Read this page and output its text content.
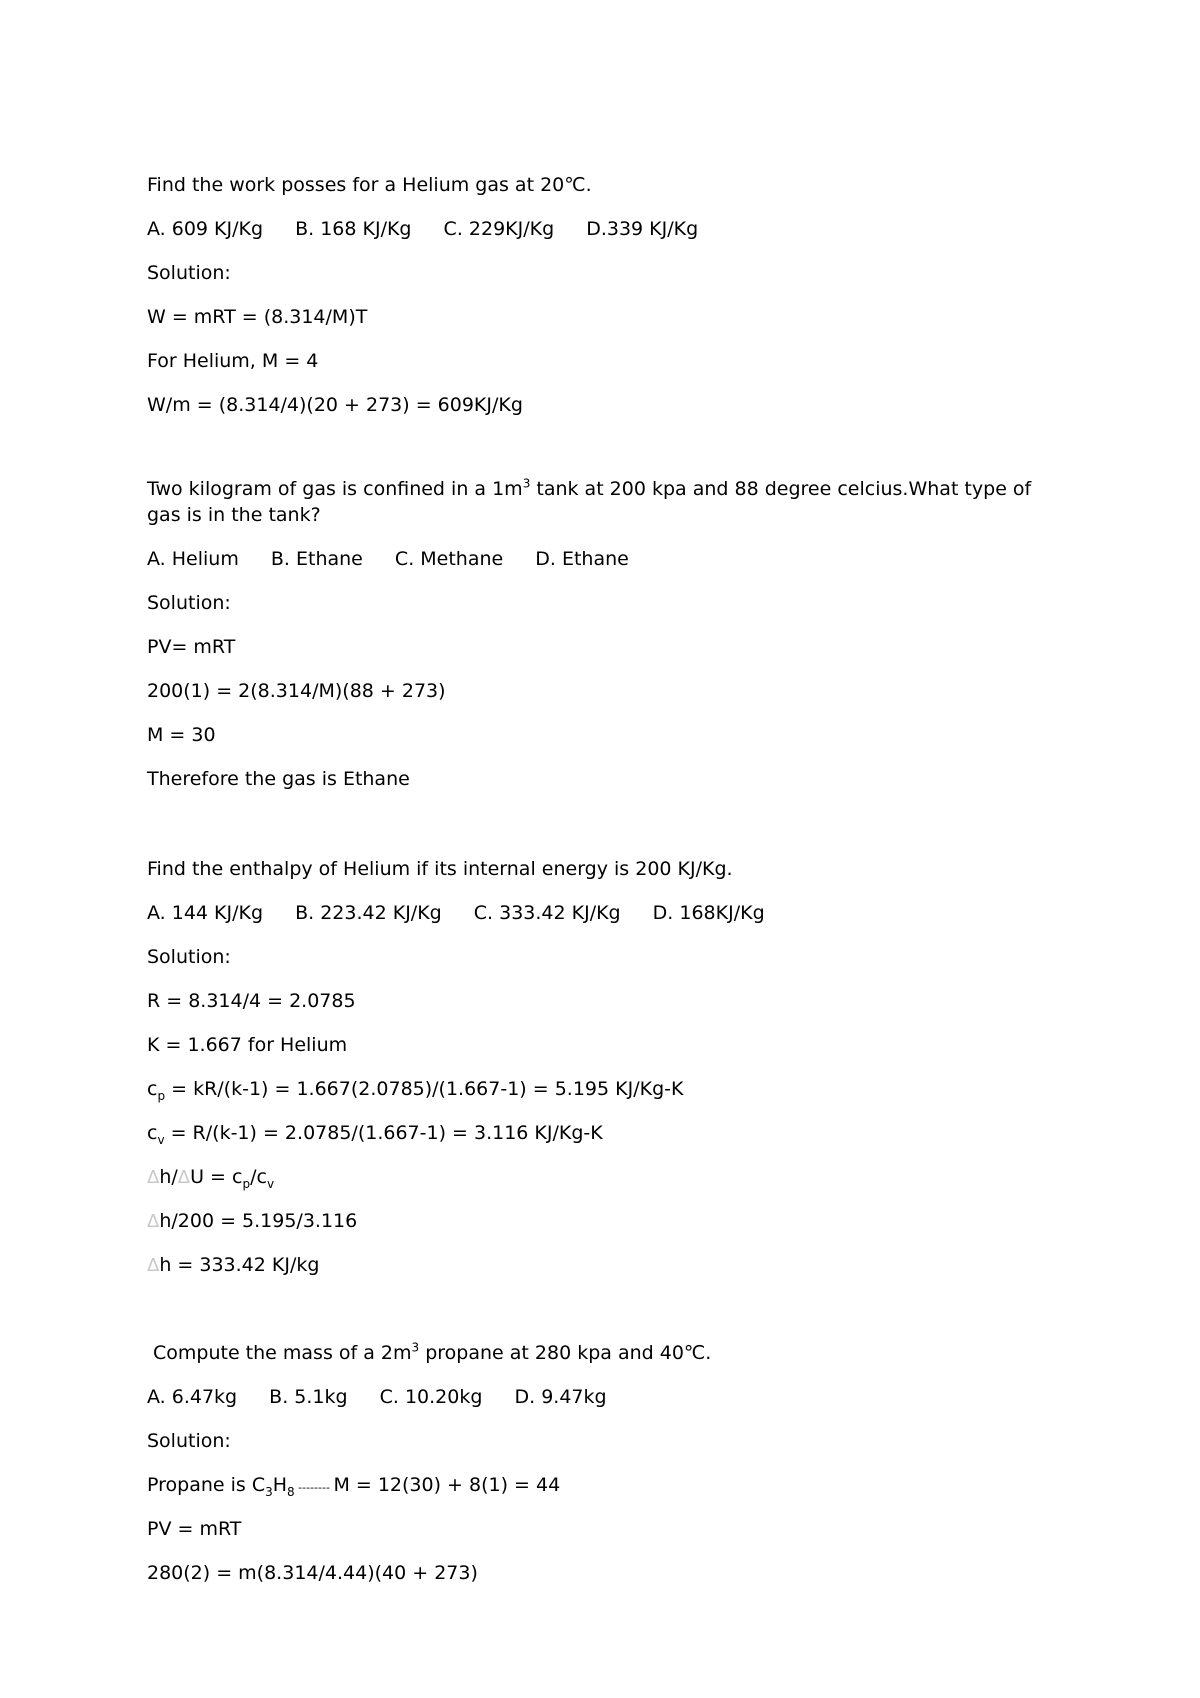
Find the work posses for a Helium gas at 20℃.
A. 609 KJ/Kg B. 168 KJ/Kg C. 229KJ/Kg D.339 KJ/Kg
Solution:
W = mRT = (8.314/M)T
For Helium, M = 4
W/m = (8.314/4)(20 + 273) = 609KJ/Kg
Two kilogram of gas is confined in a $1m^3$ tank at 200 kpa and 88 degree celcius.What type of gas is in the tank?
A. Helium B. Ethane C. Methane D. Ethane
Solution:
PV= mRT
200(1) = 2(8.314/M)(88 + 273)
M = 30
Therefore the gas is Ethane
Find the enthalpy of Helium if its internal energy is 200 KJ/Kg.
A. 144 KJ/Kg B. 223.42 KJ/Kg C. 333.42 KJ/Kg D. 168KJ/Kg
Solution:
R = 8.314/4 = 2.0785
K = 1.667 for Helium
$c_p = kR/(k-1) = 1.667(2.0785)/(1.667-1) = 5.195$ KJ/Kg-K
$c_v = R/(k-1) = 2.0785/(1.667-1) = 3.116$ KJ/Kg-K
$\Delta h/\Delta U = c_p/c_v$
Δh/200 = 5.195/3.116
Δh = 333.42 KJ/kg
Compute the mass of a $2m^3$ propane at 280 kpa and 40℃.
A. 6.47kg B. 5.1kg C. 10.20kg D. 9.47kg
Solution:
Propane is $C_3H_8$ -------- M = 12(30) + 8(1) = 44
PV = mRT
280(2) = m(8.314/4.44)(40 + 273)
